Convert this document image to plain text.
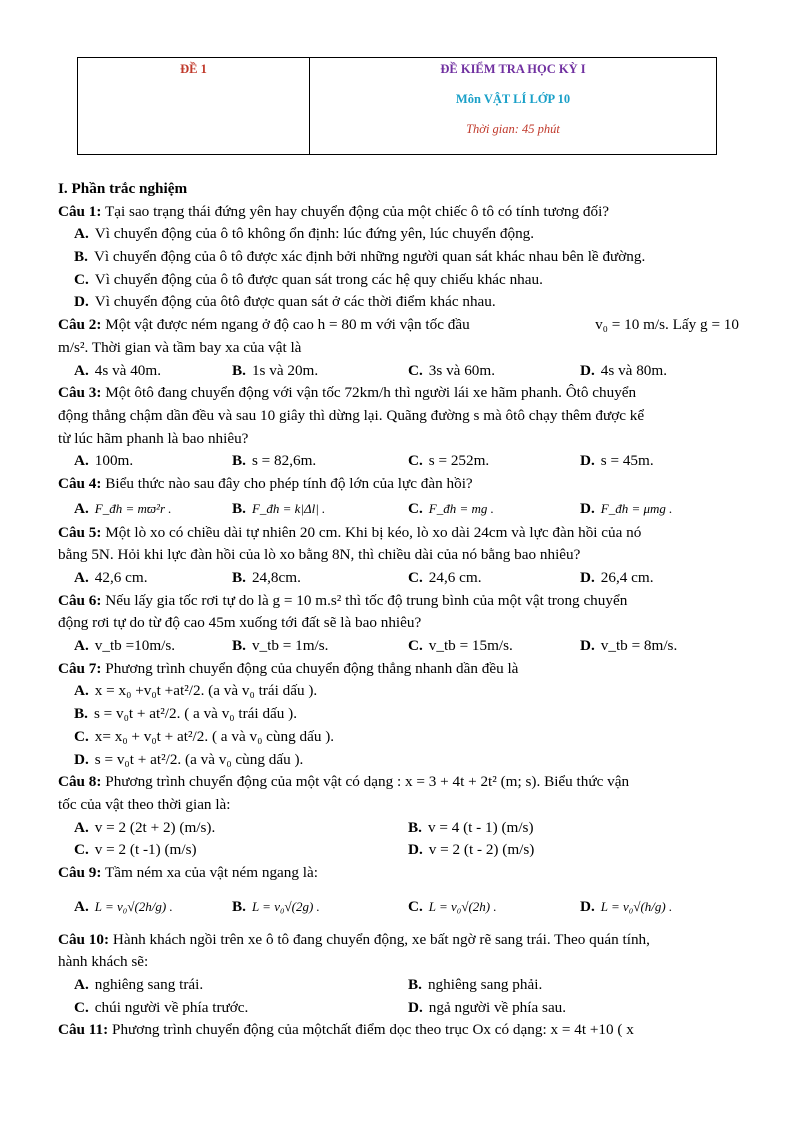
ĐỀ 1	ĐỀ KIỂM TRA HỌC KỲ I
Môn VẬT LÍ LỚP 10
Thời gian: 45 phút
I. Phần trắc nghiệm
Câu 1: Tại sao trạng thái đứng yên hay chuyển động của một chiếc ô tô có tính tương đối?
A. Vì chuyển động của ô tô không ổn định: lúc đứng yên, lúc chuyển động.
B. Vì chuyển động của ô tô được xác định bởi những người quan sát khác nhau bên lề đường.
C. Vì chuyển động của ô tô được quan sát trong các hệ quy chiếu khác nhau.
D. Vì chuyển động của ôtô được quan sát ở các thời điểm khác nhau.
Câu 2: Một vật được ném ngang ở độ cao h = 80 m với vận tốc đầu	v₀ = 10 m/s. Lấy g = 10
m/s². Thời gian và tầm bay xa của vật là
A. 4s và 40m.	B. 1s và 20m.	C. 3s và 60m.	D. 4s và 80m.
Câu 3: Một ôtô đang chuyển động với vận tốc 72km/h thì người lái xe hãm phanh. Ôtô chuyển
động thẳng chậm dần đều và sau 10 giây thì dừng lại. Quãng đường s mà ôtô chạy thêm được kể
từ lúc hãm phanh là bao nhiêu?
A. 100m.	B. s = 82,6m.	C. s = 252m.	D. s = 45m.
Câu 4: Biểu thức nào sau đây cho phép tính độ lớn của lực đàn hồi?
A. F_đh = mϖ²r .	B. F_đh = k|Δl| .	C. F_đh = mg .	D. F_đh = μmg .
Câu 5: Một lò xo có chiều dài tự nhiên 20 cm. Khi bị kéo, lò xo dài 24cm và lực đàn hồi của nó
bằng 5N. Hỏi khi lực đàn hồi của lò xo bằng 8N, thì chiều dài của nó bằng bao nhiêu?
A. 42,6 cm.	B. 24,8cm.	C. 24,6 cm.	D. 26,4 cm.
Câu 6: Nếu lấy gia tốc rơi tự do là g = 10 m.s² thì tốc độ trung bình của một vật trong chuyển
động rơi tự do từ độ cao 45m xuống tới đất sẽ là bao nhiêu?
A. v_tb =10m/s.	B. v_tb = 1m/s.	C. v_tb = 15m/s.	D. v_tb = 8m/s.
Câu 7: Phương trình chuyển động của chuyển động thẳng nhanh dần đều là
A. x = x₀ +v₀t +at²/2. (a và v₀ trái dấu ).
B. s = v₀t + at²/2. ( a và v₀ trái dấu ).
C. x= x₀ + v₀t + at²/2. ( a và v₀ cùng dấu ).
D. s = v₀t + at²/2. (a và v₀ cùng dấu ).
Câu 8: Phương trình chuyển động của một vật có dạng : x = 3 + 4t + 2t² (m; s). Biểu thức vận
tốc của vật theo thời gian là:
A. v = 2 (2t + 2) (m/s).	B. v = 4 (t - 1) (m/s)
C. v = 2 (t -1) (m/s)	D. v = 2 (t - 2) (m/s)
Câu 9: Tầm ném xa của vật ném ngang là:
A. L = v₀√(2h/g) .	B. L = v₀√(2g) .	C. L = v₀√(2h) .	D. L = v₀√(h/g) .
Câu 10: Hành khách ngồi trên xe ô tô đang chuyển động, xe bất ngờ rẽ sang trái. Theo quán tính,
hành khách sẽ:
A. nghiêng sang trái.	B. nghiêng sang phải.
C. chúi người về phía trước.	D. ngả người về phía sau.
Câu 11: Phương trình chuyển động của mộtchất điểm dọc theo trục Ox có dạng: x = 4t +10 ( x
